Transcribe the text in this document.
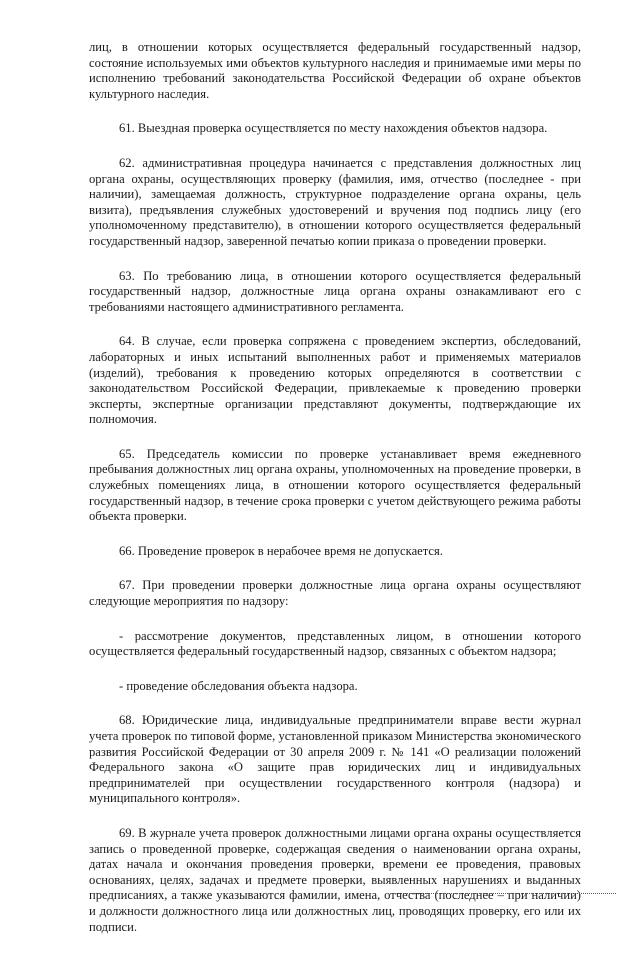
лиц, в отношении которых осуществляется федеральный государственный надзор, состояние используемых ими объектов культурного наследия и принимаемые ими меры по исполнению требований законодательства Российской Федерации об охране объектов культурного наследия.

61. Выездная проверка осуществляется по месту нахождения объектов надзора.

62. административная процедура начинается с представления должностных лиц органа охраны, осуществляющих проверку (фамилия, имя, отчество (последнее - при наличии), замещаемая должность, структурное подразделение органа охраны, цель визита), предъявления служебных удостоверений и вручения под подпись лицу (его уполномоченному представителю), в отношении которого осуществляется федеральный государственный надзор, заверенной печатью копии приказа о проведении проверки.

63. По требованию лица, в отношении которого осуществляется федеральный государственный надзор, должностные лица органа охраны ознакамливают его с требованиями настоящего административного регламента.

64. В случае, если проверка сопряжена с проведением экспертиз, обследований, лабораторных и иных испытаний выполненных работ и применяемых материалов (изделий), требования к проведению которых определяются в соответствии с законодательством Российской Федерации, привлекаемые к проведению проверки эксперты, экспертные организации представляют документы, подтверждающие их полномочия.

65. Председатель комиссии по проверке устанавливает время ежедневного пребывания должностных лиц органа охраны, уполномоченных на проведение проверки, в служебных помещениях лица, в отношении которого осуществляется федеральный государственный надзор, в течение срока проверки с учетом действующего режима работы объекта проверки.

66. Проведение проверок в нерабочее время не допускается.

67. При проведении проверки должностные лица органа охраны осуществляют следующие мероприятия по надзору:

- рассмотрение документов, представленных лицом, в отношении которого осуществляется федеральный государственный надзор, связанных с объектом надзора;

- проведение обследования объекта надзора.

68. Юридические лица, индивидуальные предприниматели вправе вести журнал учета проверок по типовой форме, установленной приказом Министерства экономического развития Российской Федерации от 30 апреля 2009 г. № 141 «О реализации положений Федерального закона «О защите прав юридических лиц и индивидуальных предпринимателей при осуществлении государственного контроля (надзора) и муниципального контроля».

69. В журнале учета проверок должностными лицами органа охраны осуществляется запись о проведенной проверке, содержащая сведения о наименовании органа охраны, датах начала и окончания проведения проверки, времени ее проведения, правовых основаниях, целях, задачах и предмете проверки, выявленных нарушениях и выданных предписаниях, а также указываются фамилии, имена, отчества (последнее – при наличии) и должности должностного лица или должностных лиц, проводящих проверку, его или их подписи.
